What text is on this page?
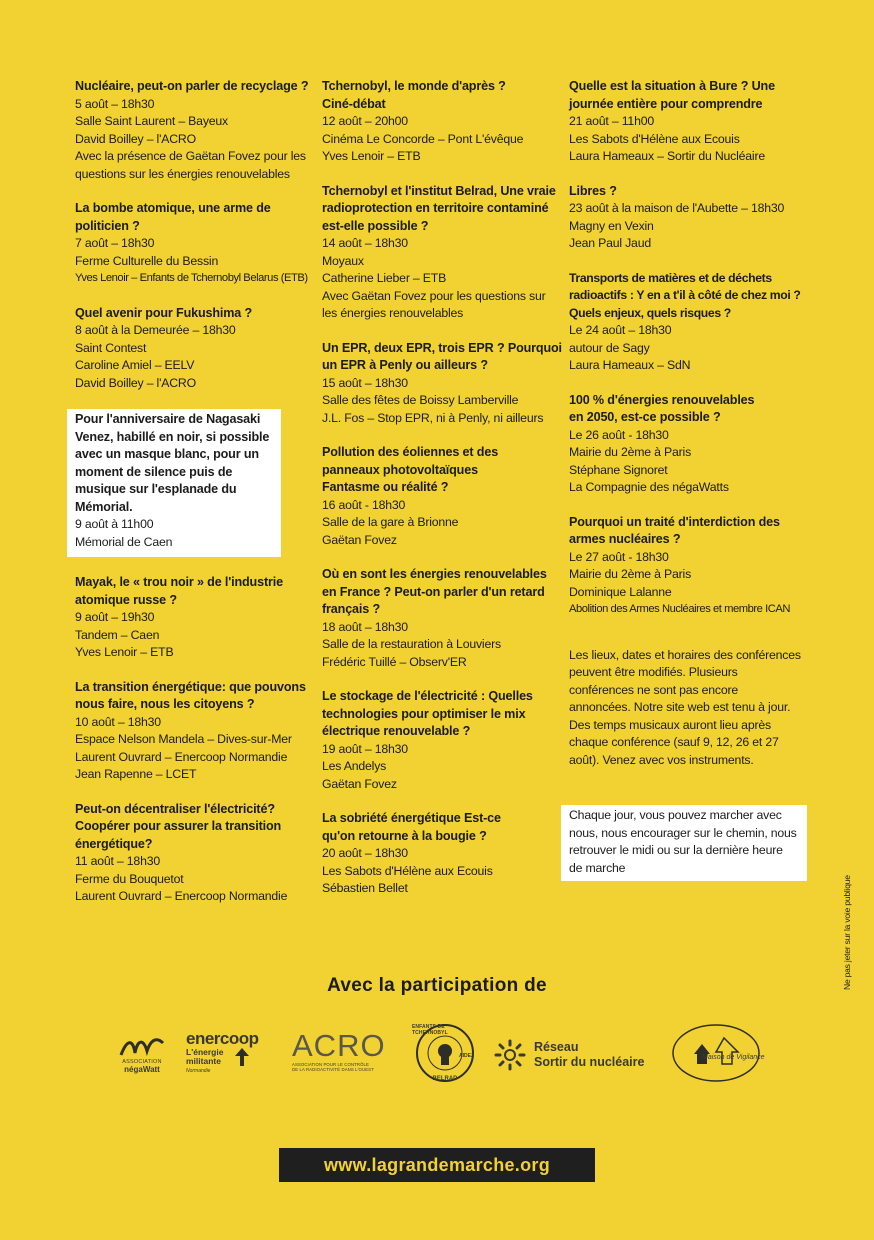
Nucléaire, peut-on parler de recyclage ?
5 août – 18h30
Salle Saint Laurent – Bayeux
David Boilley – l'ACRO
Avec la présence de Gaëtan Fovez pour les questions sur les énergies renouvelables
La bombe atomique, une arme de politicien ?
7 août – 18h30
Ferme Culturelle du Bessin
Yves Lenoir – Enfants de Tchernobyl Belarus (ETB)
Quel avenir pour Fukushima ?
8 août à la Demeurée – 18h30
Saint Contest
Caroline Amiel – EELV
David Boilley – l'ACRO
Pour l'anniversaire de Nagasaki Venez, habillé en noir, si possible avec un masque blanc, pour un moment de silence puis de musique sur l'esplanade du Mémorial.
9 août à 11h00
Mémorial de Caen
Mayak, le « trou noir » de l'industrie atomique russe ?
9 août – 19h30
Tandem – Caen
Yves Lenoir – ETB
La transition énergétique: que pouvons nous faire, nous les citoyens ?
10 août – 18h30
Espace Nelson Mandela – Dives-sur-Mer
Laurent Ouvrard – Enercoop Normandie
Jean Rapenne – LCET
Peut-on décentraliser l'électricité? Coopérer pour assurer la transition énergétique?
11 août – 18h30
Ferme du Bouquetot
Laurent Ouvrard – Enercoop Normandie
Tchernobyl, le monde d'après ? Ciné-débat
12 août – 20h00
Cinéma Le Concorde – Pont L'évêque
Yves Lenoir – ETB
Tchernobyl et l'institut Belrad, Une vraie radioprotection en territoire contaminé est-elle possible ?
14 août – 18h30
Moyaux
Catherine Lieber – ETB
Avec Gaëtan Fovez pour les questions sur les énergies renouvelables
Un EPR, deux EPR, trois EPR ? Pourquoi un EPR à Penly ou ailleurs ?
15 août – 18h30
Salle des fêtes de Boissy Lamberville
J.L. Fos – Stop EPR, ni à Penly, ni ailleurs
Pollution des éoliennes et des panneaux photovoltaïques Fantasme ou réalité ?
16 août - 18h30
Salle de la gare à Brionne
Gaëtan Fovez
Où en sont les énergies renouvelables en France ? Peut-on parler d'un retard français ?
18 août – 18h30
Salle de la restauration à Louviers
Frédéric Tuillé – Observ'ER
Le stockage de l'électricité : Quelles technologies pour optimiser le mix électrique renouvelable ?
19 août – 18h30
Les Andelys
Gaëtan Fovez
La sobriété énergétique Est-ce qu'on retourne à la bougie ?
20 août – 18h30
Les Sabots d'Hélène aux Ecouis
Sébastien Bellet
Quelle est la situation à Bure ? Une journée entière pour comprendre
21 août – 11h00
Les Sabots d'Hélène aux Ecouis
Laura Hameaux – Sortir du Nucléaire
Libres ?
23 août à la maison de l'Aubette – 18h30
Magny en Vexin
Jean Paul Jaud
Transports de matières et de déchets radioactifs : Y en a t'il à côté de chez moi ? Quels enjeux, quels risques ?
Le 24 août – 18h30
autour de Sagy
Laura Hameaux – SdN
100 % d'énergies renouvelables en 2050, est-ce possible ?
Le 26 août - 18h30
Mairie du 2ème à Paris
Stéphane Signoret
La Compagnie des négaWatts
Pourquoi un traité d'interdiction des armes nucléaires ?
Le 27 août - 18h30
Mairie du 2ème à Paris
Dominique Lalanne
Abolition des Armes Nucléaires et membre ICAN
Les lieux, dates et horaires des conférences peuvent être modifiés. Plusieurs conférences ne sont pas encore annoncées. Notre site web est tenu à jour. Des temps musicaux auront lieu après chaque conférence (sauf 9, 12, 26 et 27 août). Venez avec vos instruments.
Chaque jour, vous pouvez marcher avec nous, nous encourager sur le chemin, nous retrouver le midi ou sur la dernière heure de marche
Ne pas jeter sur la voie publique
Avec la participation de
ASSOCIATION
négaWatt
enercoop
L'énergie
militante
Normandie
ACRO
ASSOCIATION POUR LE CONTRÔLE
DE LA RADIOACTIVITÉ DANS L'OUEST
ENFANTS DE TCHERNOBYL
AIDEZ
BELRAD
Réseau
Sortir du nucléaire	Maison de Vigilance
www.lagrandemarche.org
